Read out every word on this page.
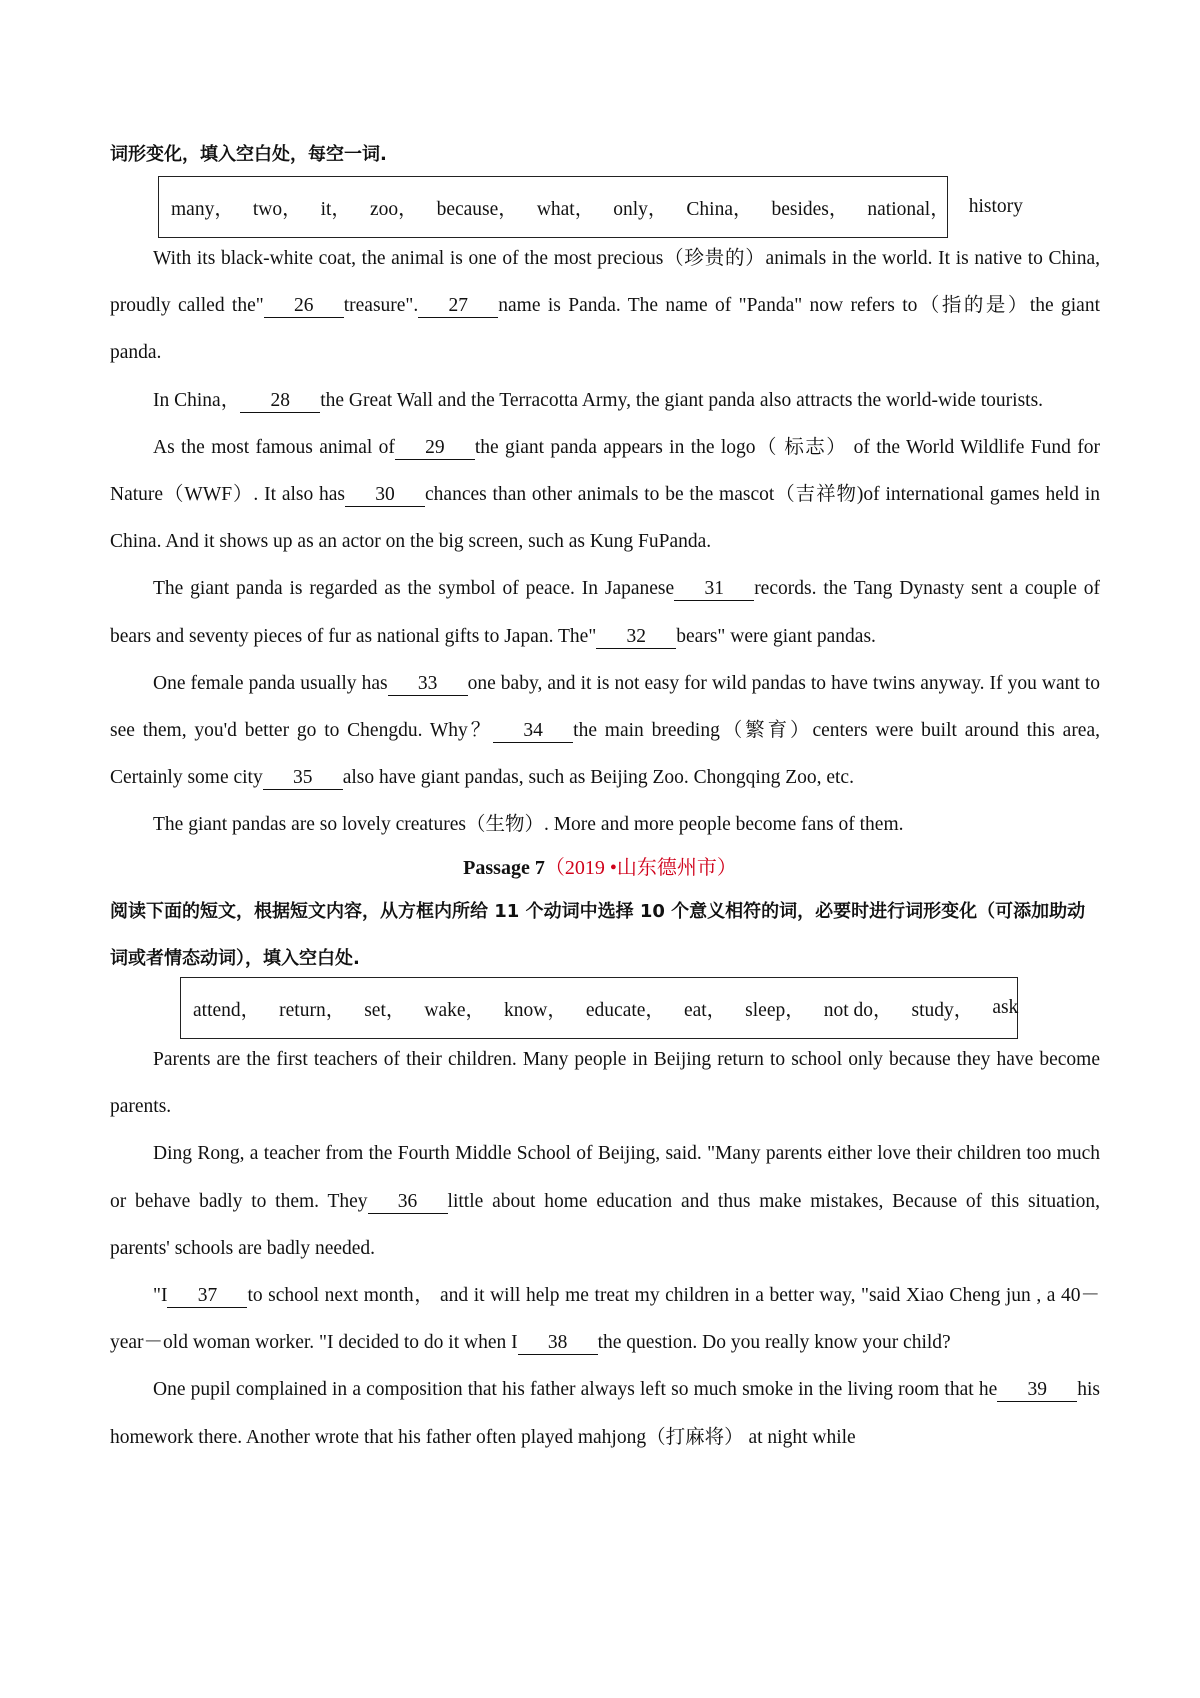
词形变化，填入空白处，每空一词.
many， two， it， zoo， because， what， only， China， besides， national， history

With its black-white coat, the animal is one of the most precious（珍贵的）animals in the world. It is native to China, proudly called the" 26 treasure". 27 name is Panda. The name of "Panda" now refers to（指的是）the giant panda.

In China， 28 the Great Wall and the Terracotta Army, the giant panda also attracts the world-wide tourists.

As the most famous animal of 29 the giant panda appears in the logo（ 标志） of the World Wildlife Fund for Nature（WWF）. It also has 30 chances than other animals to be the mascot（吉祥物)of international games held in China. And it shows up as an actor on the big screen, such as Kung FuPanda.

The giant panda is regarded as the symbol of peace. In Japanese 31 records. the Tang Dynasty sent a couple of bears and seventy pieces of fur as national gifts to Japan. The" 32 bears" were giant pandas.

One female panda usually has 33 one baby, and it is not easy for wild pandas to have twins anyway. If you want to see them, you'd better go to Chengdu. Why？ 34 the main breeding（繁育）centers were built around this area, Certainly some city 35 also have giant pandas, such as Beijing Zoo. Chongqing Zoo, etc.

The giant pandas are so lovely creatures（生物）. More and more people become fans of them.

Passage 7（2019 •山东德州市）
阅读下面的短文，根据短文内容，从方框内所给 11 个动词中选择 10 个意义相符的词，必要时进行词形变化（可添加助动词或者情态动词），填入空白处.
attend， return， set， wake， know， educate， eat， sleep， not do， study， ask

Parents are the first teachers of their children. Many people in Beijing return to school only because they have become parents.

Ding Rong, a teacher from the Fourth Middle School of Beijing, said. "Many parents either love their children too much or behave badly to them. They 36 little about home education and thus make mistakes, Because of this situation, parents' schools are badly needed.

"I 37 to school next month， and it will help me treat my children in a better way, "said Xiao Cheng jun , a 40－year－old woman worker. "I decided to do it when I 38 the question. Do you really know your child?

One pupil complained in a composition that his father always left so much smoke in the living room that he 39 his homework there. Another wrote that his father often played mahjong（打麻将） at night while
